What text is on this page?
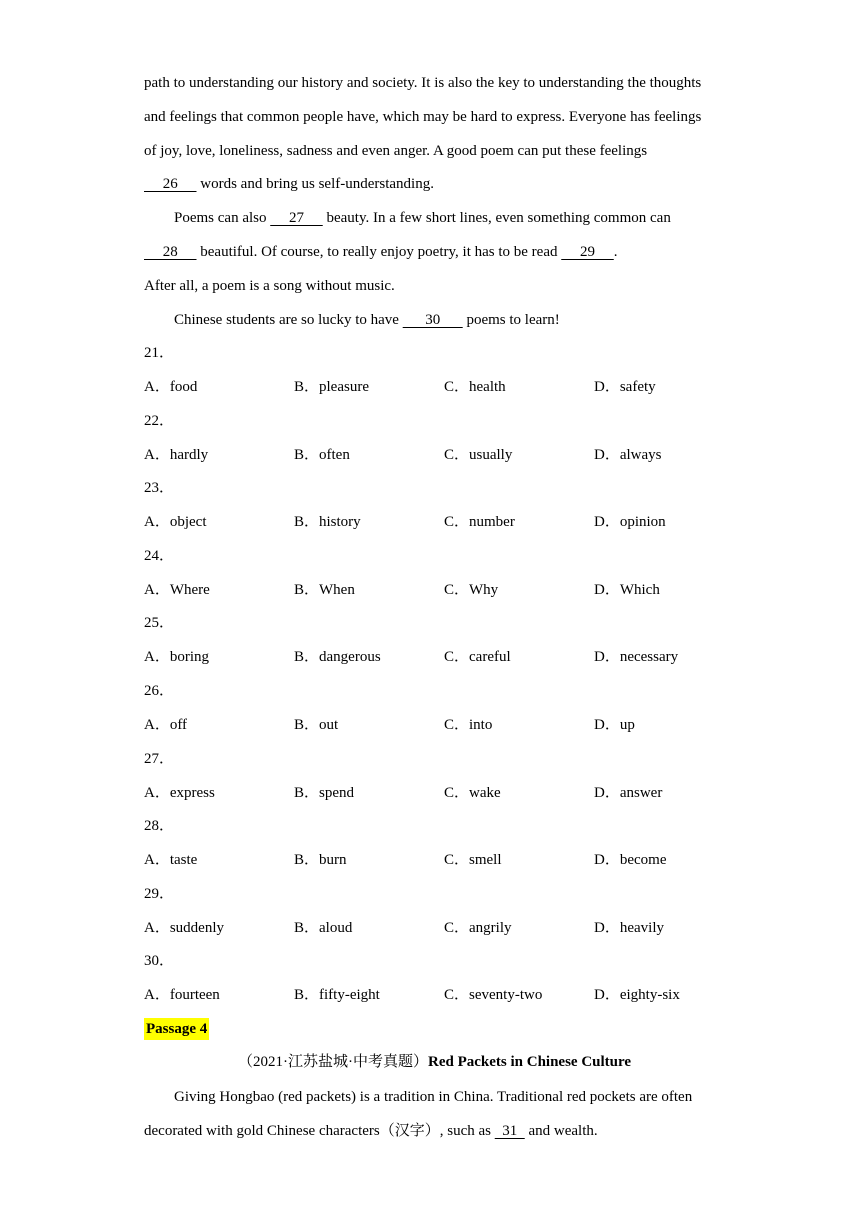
path to understanding our history and society. It is also the key to understanding the thoughts
and feelings that common people have, which may be hard to express. Everyone has feelings
of joy, love, loneliness, sadness and even anger. A good poem can put these feelings
26      words and bring us self-understanding.
Poems can also      27      beauty. In a few short lines, even something common can
28      beautiful. Of course, to really enjoy poetry, it has to be read      29     .
After all, a poem is a song without music.
Chinese students are so lucky to have       30       poems to learn!
21．
A．food	B．pleasure	C．health	D．safety
22．
A．hardly	B．often	C．usually	D．always
23．
A．object	B．history	C．number	D．opinion
24．
A．Where	B．When	C．Why	D．Which
25．
A．boring	B．dangerous	C．careful	D．necessary
26．
A．off	B．out	C．into	D．up
27．
A．express	B．spend	C．wake	D．answer
28．
A．taste	B．burn	C．smell	D．become
29．
A．suddenly	B．aloud	C．angrily	D．heavily
30．
A．fourteen	B．fifty-eight	C．seventy-two	D．eighty-six
Passage 4
（2021·江苏盐城·中考真题）Red Packets in Chinese Culture
Giving Hongbao (red packets) is a tradition in China. Traditional red pockets are often
decorated with gold Chinese characters（汉字）, such as   31   and wealth.
